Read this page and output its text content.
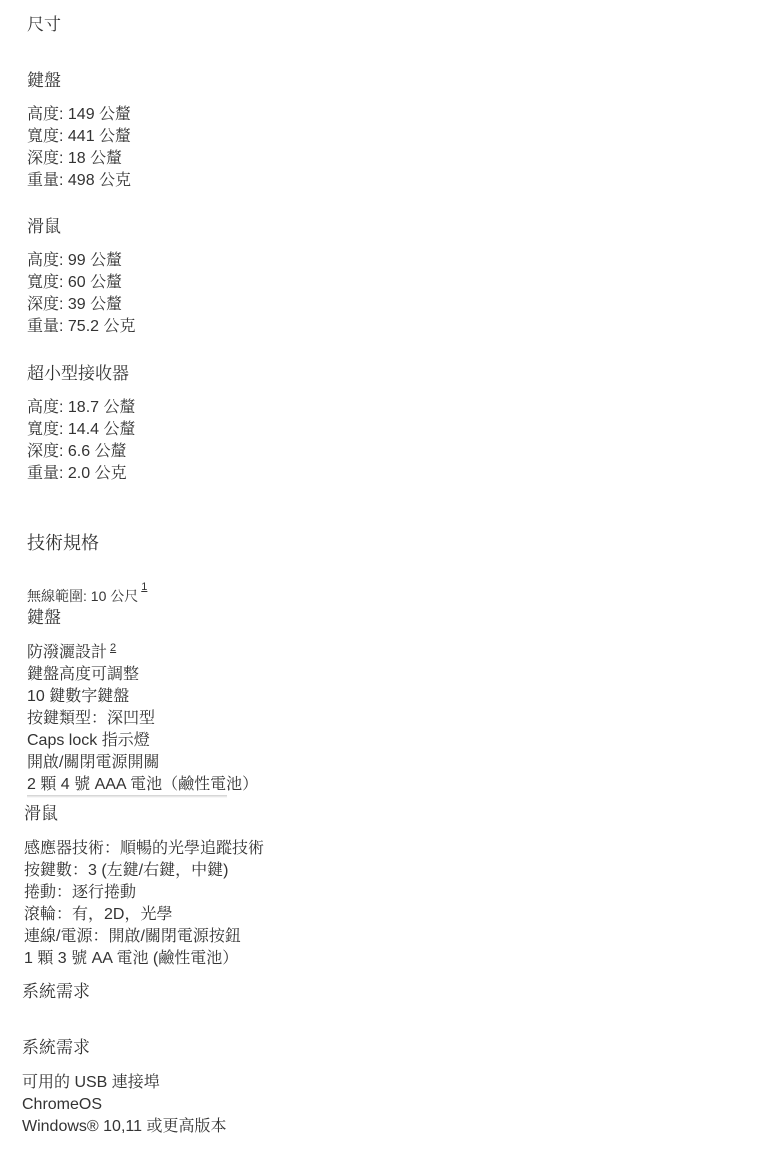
尺寸
鍵盤
高度: 149 公釐
寬度: 441 公釐
深度: 18 公釐
重量: 498 公克
滑鼠
高度: 99 公釐
寬度: 60 公釐
深度: 39 公釐
重量: 75.2 公克
超小型接收器
高度: 18.7 公釐
寬度: 14.4 公釐
深度: 6.6 公釐
重量: 2.0 公克
技術規格
無線範圍: 10 公尺$^1$
鍵盤
防潑灑設計 $^2$
鍵盤高度可調整
10 鍵數字鍵盤
按鍵類型：深凹型
Caps lock 指示燈
開啟/關閉電源開關
2 顆 4 號 AAA 電池（鹼性電池）
滑鼠
感應器技術：順暢的光學追蹤技術
按鍵數：3 (左鍵/右鍵，中鍵)
捲動：逐行捲動
滾輪：有，2D，光學
連線/電源：開啟/關閉電源按鈕
1 顆 3 號 AA 電池 (鹼性電池）
系統需求
系統需求
可用的 USB 連接埠
ChromeOS
Windows® 10,11 或更高版本
